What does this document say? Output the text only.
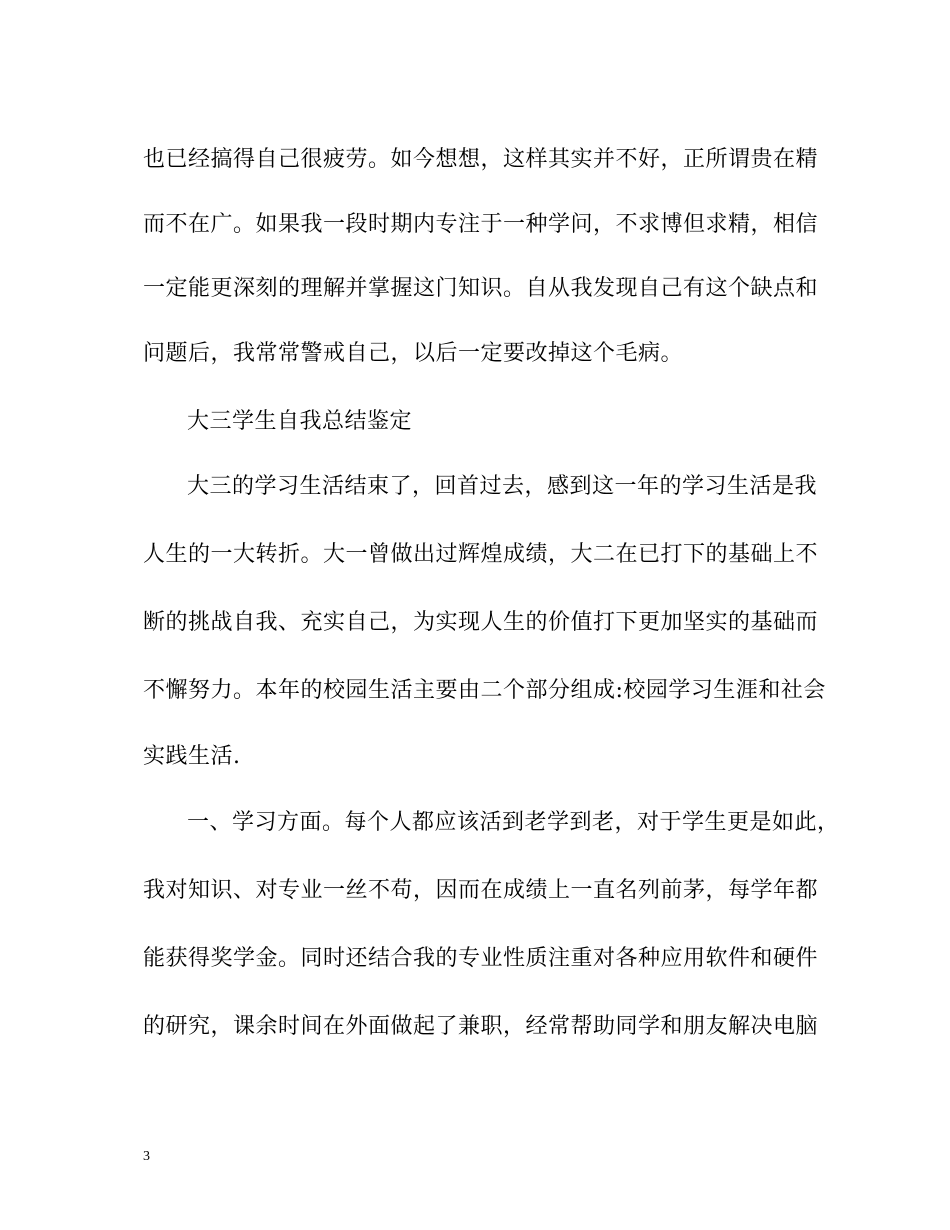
也已经搞得自己很疲劳。如今想想，这样其实并不好，正所谓贵在精
而不在广。如果我一段时期内专注于一种学问，不求博但求精，相信
一定能更深刻的理解并掌握这门知识。自从我发现自己有这个缺点和
问题后，我常常警戒自己，以后一定要改掉这个毛病。
大三学生自我总结鉴定
大三的学习生活结束了，回首过去，感到这一年的学习生活是我
人生的一大转折。大一曾做出过辉煌成绩，大二在已打下的基础上不
断的挑战自我、充实自己，为实现人生的价值打下更加坚实的基础而
不懈努力。本年的校园生活主要由二个部分组成:校园学习生涯和社会
实践生活.
一、学习方面。每个人都应该活到老学到老，对于学生更是如此，
我对知识、对专业一丝不苟，因而在成绩上一直名列前茅，每学年都
能获得奖学金。同时还结合我的专业性质注重对各种应用软件和硬件
的研究，课余时间在外面做起了兼职，经常帮助同学和朋友解决电脑
3
